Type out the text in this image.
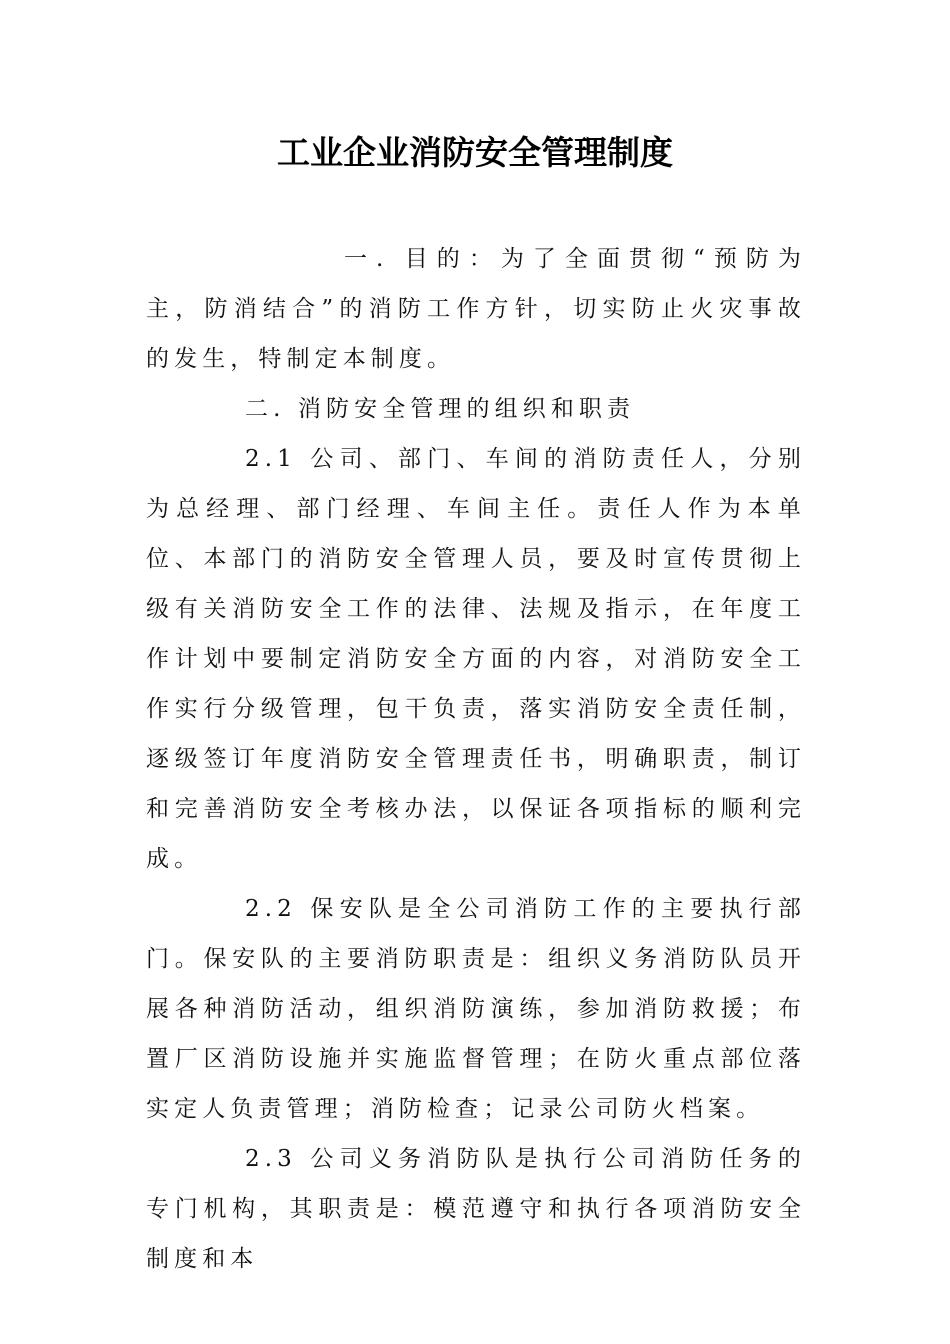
工业企业消防安全管理制度

一. 目的：为了全面贯彻“预防为主，防消结合”的消防工作方针，切实防止火灾事故的发生，特制定本制度。

二. 消防安全管理的组织和职责

2.1 公司、部门、车间的消防责任人，分别为总经理、部门经理、车间主任。责任人作为本单位、本部门的消防安全管理人员，要及时宣传贯彻上级有关消防安全工作的法律、法规及指示，在年度工作计划中要制定消防安全方面的内容，对消防安全工作实行分级管理，包干负责，落实消防安全责任制，逐级签订年度消防安全管理责任书，明确职责，制订和完善消防安全考核办法，以保证各项指标的顺利完成。

2.2 保安队是全公司消防工作的主要执行部门。保安队的主要消防职责是：组织义务消防队员开展各种消防活动，组织消防演练，参加消防救援；布置厂区消防设施并实施监督管理；在防火重点部位落实定人负责管理；消防检查；记录公司防火档案。

2.3 公司义务消防队是执行公司消防任务的专门机构，其职责是：模范遵守和执行各项消防安全制度和本
